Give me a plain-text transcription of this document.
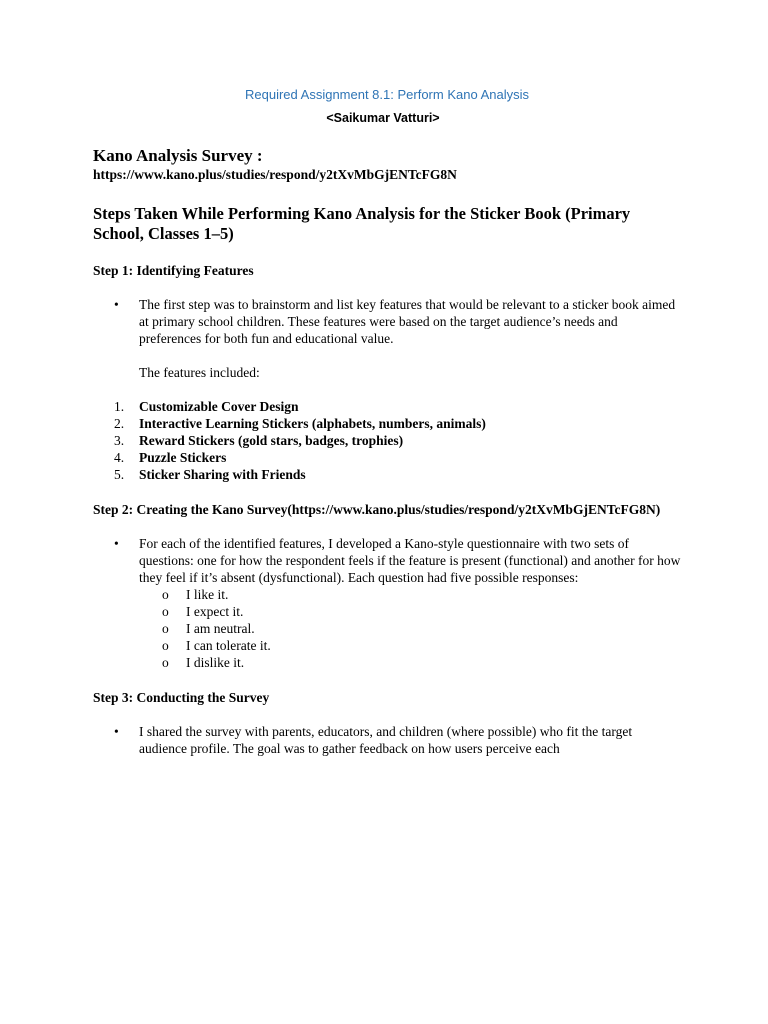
Required Assignment 8.1: Perform Kano Analysis
<Saikumar Vatturi>
Kano Analysis Survey :
https://www.kano.plus/studies/respond/y2tXvMbGjENTcFG8N
Steps Taken While Performing Kano Analysis for the Sticker Book (Primary School, Classes 1–5)
Step 1: Identifying Features
• The first step was to brainstorm and list key features that would be relevant to a sticker book aimed at primary school children. These features were based on the target audience’s needs and preferences for both fun and educational value.
The features included:
1. Customizable Cover Design
2. Interactive Learning Stickers (alphabets, numbers, animals)
3. Reward Stickers (gold stars, badges, trophies)
4. Puzzle Stickers
5. Sticker Sharing with Friends
Step 2: Creating the Kano Survey(https://www.kano.plus/studies/respond/y2tXvMbGjENTcFG8N)
• For each of the identified features, I developed a Kano-style questionnaire with two sets of questions: one for how the respondent feels if the feature is present (functional) and another for how they feel if it’s absent (dysfunctional). Each question had five possible responses:
o I like it.
o I expect it.
o I am neutral.
o I can tolerate it.
o I dislike it.
Step 3: Conducting the Survey
• I shared the survey with parents, educators, and children (where possible) who fit the target audience profile. The goal was to gather feedback on how users perceive each
